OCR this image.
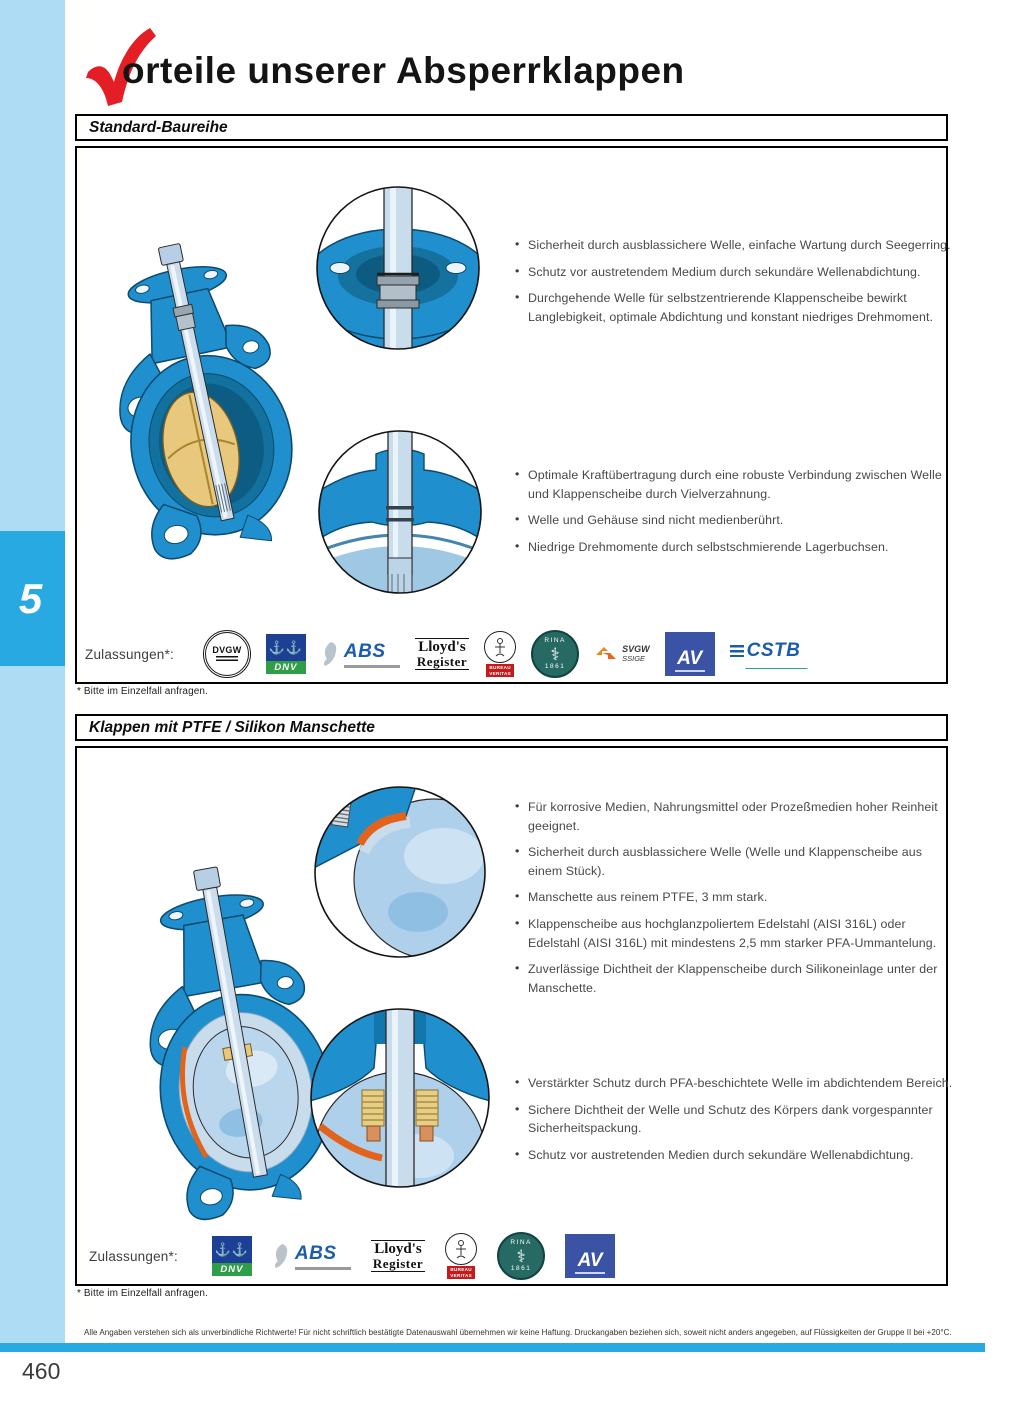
5
orteile unserer Absperrklappen
Standard-Baureihe
• Sicherheit durch ausblassichere Welle, einfache Wartung durch Seegerring.
• Schutz vor austretendem Medium durch sekundäre Wellenabdichtung.
• Durchgehende Welle für selbstzentrierende Klappenscheibe bewirkt Langlebigkeit, optimale Abdichtung und konstant niedriges Drehmoment.
• Optimale Kraftübertragung durch eine robuste Verbindung zwischen Welle und Klappenscheibe durch Vielverzahnung.
• Welle und Gehäuse sind nicht medienberührt.
• Niedrige Drehmomente durch selbstschmierende Lagerbuchsen.
Zulassungen*:	DVGW ⚓⚓
DNV
ABS Lloyd's
Register	BUREAU
VERITAS
RINA
⚕
1861
SVGW
SSIGE AV CSTB
* Bitte im Einzelfall anfragen.
Klappen mit PTFE / Silikon Manschette
• Für korrosive Medien, Nahrungsmittel oder Prozeßmedien hoher Reinheit geeignet.
• Sicherheit durch ausblassichere Welle (Welle und Klappenscheibe aus einem Stück).
• Manschette aus reinem PTFE, 3 mm stark.
• Klappenscheibe aus hochglanzpoliertem Edelstahl (AISI 316L) oder Edelstahl (AISI 316L) mit mindestens 2,5 mm starker PFA-Ummantelung.
• Zuverlässige Dichtheit der Klappenscheibe durch Silikoneinlage unter der Manschette.
• Verstärkter Schutz durch PFA-beschichtete Welle im abdichtendem Bereich.
• Sichere Dichtheit der Welle und Schutz des Körpers dank vorgespannter Sicherheitspackung.
• Schutz vor austretenden Medien durch sekundäre Wellenabdichtung.
Zulassungen*:	⚓⚓
DNV
ABS	Lloyd's
Register	BUREAU
VERITAS
RINA
⚕
1861 AV
* Bitte im Einzelfall anfragen.
Alle Angaben verstehen sich als unverbindliche Richtwerte! Für nicht schriftlich bestätigte Datenauswahl übernehmen wir keine Haftung. Druckangaben beziehen sich, soweit nicht anders angegeben, auf Flüssigkeiten der Gruppe II bei +20°C.
460
